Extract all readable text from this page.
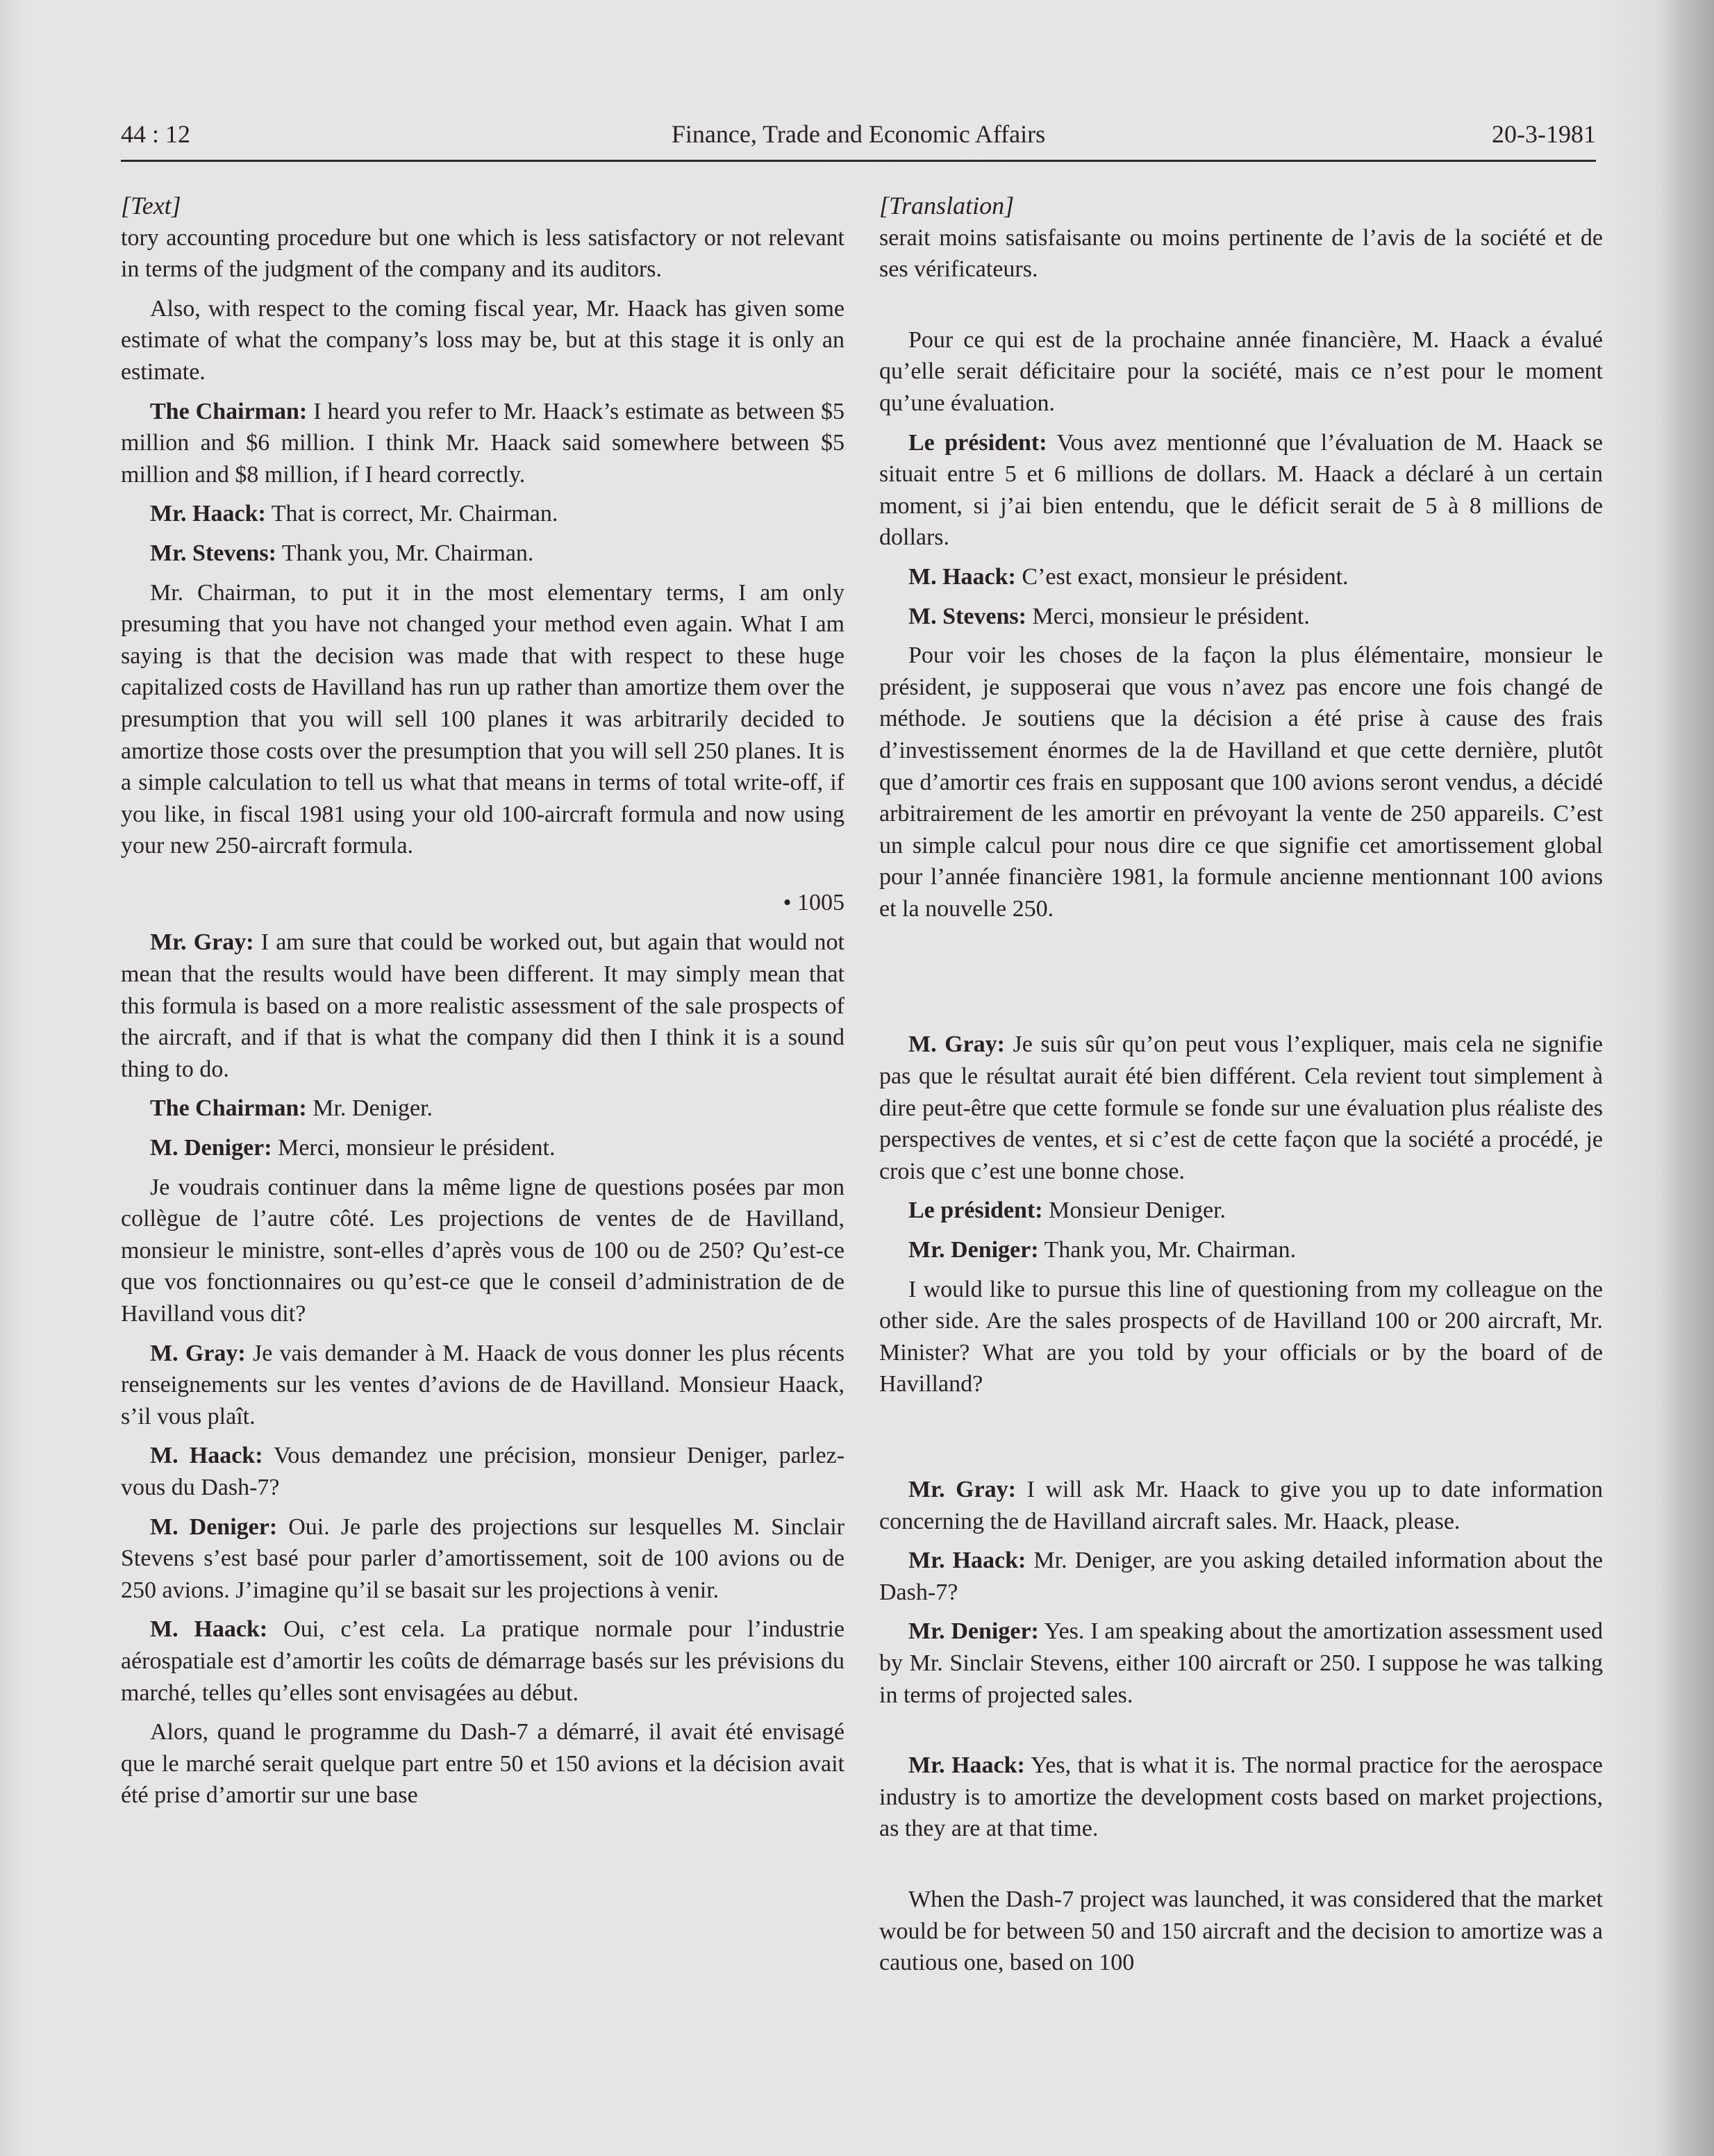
44 : 12	Finance, Trade and Economic Affairs	20-3-1981
[Text]

tory accounting procedure but one which is less satisfactory or not relevant in terms of the judgment of the company and its auditors.

Also, with respect to the coming fiscal year, Mr. Haack has given some estimate of what the company’s loss may be, but at this stage it is only an estimate.

The Chairman: I heard you refer to Mr. Haack’s estimate as between $5 million and $6 million. I think Mr. Haack said somewhere between $5 million and $8 million, if I heard correctly.

Mr. Haack: That is correct, Mr. Chairman.

Mr. Stevens: Thank you, Mr. Chairman.

Mr. Chairman, to put it in the most elementary terms, I am only presuming that you have not changed your method even again. What I am saying is that the decision was made that with respect to these huge capitalized costs de Havilland has run up rather than amortize them over the presumption that you will sell 100 planes it was arbitrarily decided to amortize those costs over the presumption that you will sell 250 planes. It is a simple calculation to tell us what that means in terms of total write-off, if you like, in fiscal 1981 using your old 100-aircraft formula and now using your new 250-aircraft formula.

• 1005

Mr. Gray: I am sure that could be worked out, but again that would not mean that the results would have been different. It may simply mean that this formula is based on a more realistic assessment of the sale prospects of the aircraft, and if that is what the company did then I think it is a sound thing to do.

The Chairman: Mr. Deniger.

M. Deniger: Merci, monsieur le président.

Je voudrais continuer dans la même ligne de questions posées par mon collègue de l’autre côté. Les projections de ventes de de Havilland, monsieur le ministre, sont-elles d’après vous de 100 ou de 250? Qu’est-ce que vos fonctionnaires ou qu’est-ce que le conseil d’administration de de Havilland vous dit?

M. Gray: Je vais demander à M. Haack de vous donner les plus récents renseignements sur les ventes d’avions de de Havilland. Monsieur Haack, s’il vous plaît.

M. Haack: Vous demandez une précision, monsieur Deniger, parlez-vous du Dash-7?

M. Deniger: Oui. Je parle des projections sur lesquelles M. Sinclair Stevens s’est basé pour parler d’amortissement, soit de 100 avions ou de 250 avions. J’imagine qu’il se basait sur les projections à venir.

M. Haack: Oui, c’est cela. La pratique normale pour l’industrie aérospatiale est d’amortir les coûts de démarrage basés sur les prévisions du marché, telles qu’elles sont envisagées au début.

Alors, quand le programme du Dash-7 a démarré, il avait été envisagé que le marché serait quelque part entre 50 et 150 avions et la décision avait été prise d’amortir sur une base

[Translation]

serait moins satisfaisante ou moins pertinente de l’avis de la société et de ses vérificateurs.

Pour ce qui est de la prochaine année financière, M. Haack a évalué qu’elle serait déficitaire pour la société, mais ce n’est pour le moment qu’une évaluation.

Le président: Vous avez mentionné que l’évaluation de M. Haack se situait entre 5 et 6 millions de dollars. M. Haack a déclaré à un certain moment, si j’ai bien entendu, que le déficit serait de 5 à 8 millions de dollars.

M. Haack: C’est exact, monsieur le président.

M. Stevens: Merci, monsieur le président.

Pour voir les choses de la façon la plus élémentaire, monsieur le président, je supposerai que vous n’avez pas encore une fois changé de méthode. Je soutiens que la décision a été prise à cause des frais d’investissement énormes de la de Havilland et que cette dernière, plutôt que d’amortir ces frais en supposant que 100 avions seront vendus, a décidé arbitrairement de les amortir en prévoyant la vente de 250 appareils. C’est un simple calcul pour nous dire ce que signifie cet amortissement global pour l’année financière 1981, la formule ancienne mentionnant 100 avions et la nouvelle 250.

M. Gray: Je suis sûr qu’on peut vous l’expliquer, mais cela ne signifie pas que le résultat aurait été bien différent. Cela revient tout simplement à dire peut-être que cette formule se fonde sur une évaluation plus réaliste des perspectives de ventes, et si c’est de cette façon que la société a procédé, je crois que c’est une bonne chose.

Le président: Monsieur Deniger.

Mr. Deniger: Thank you, Mr. Chairman.

I would like to pursue this line of questioning from my colleague on the other side. Are the sales prospects of de Havilland 100 or 200 aircraft, Mr. Minister? What are you told by your officials or by the board of de Havilland?

Mr. Gray: I will ask Mr. Haack to give you up to date information concerning the de Havilland aircraft sales. Mr. Haack, please.

Mr. Haack: Mr. Deniger, are you asking detailed information about the Dash-7?

Mr. Deniger: Yes. I am speaking about the amortization assessment used by Mr. Sinclair Stevens, either 100 aircraft or 250. I suppose he was talking in terms of projected sales.

Mr. Haack: Yes, that is what it is. The normal practice for the aerospace industry is to amortize the development costs based on market projections, as they are at that time.

When the Dash-7 project was launched, it was considered that the market would be for between 50 and 150 aircraft and the decision to amortize was a cautious one, based on 100
